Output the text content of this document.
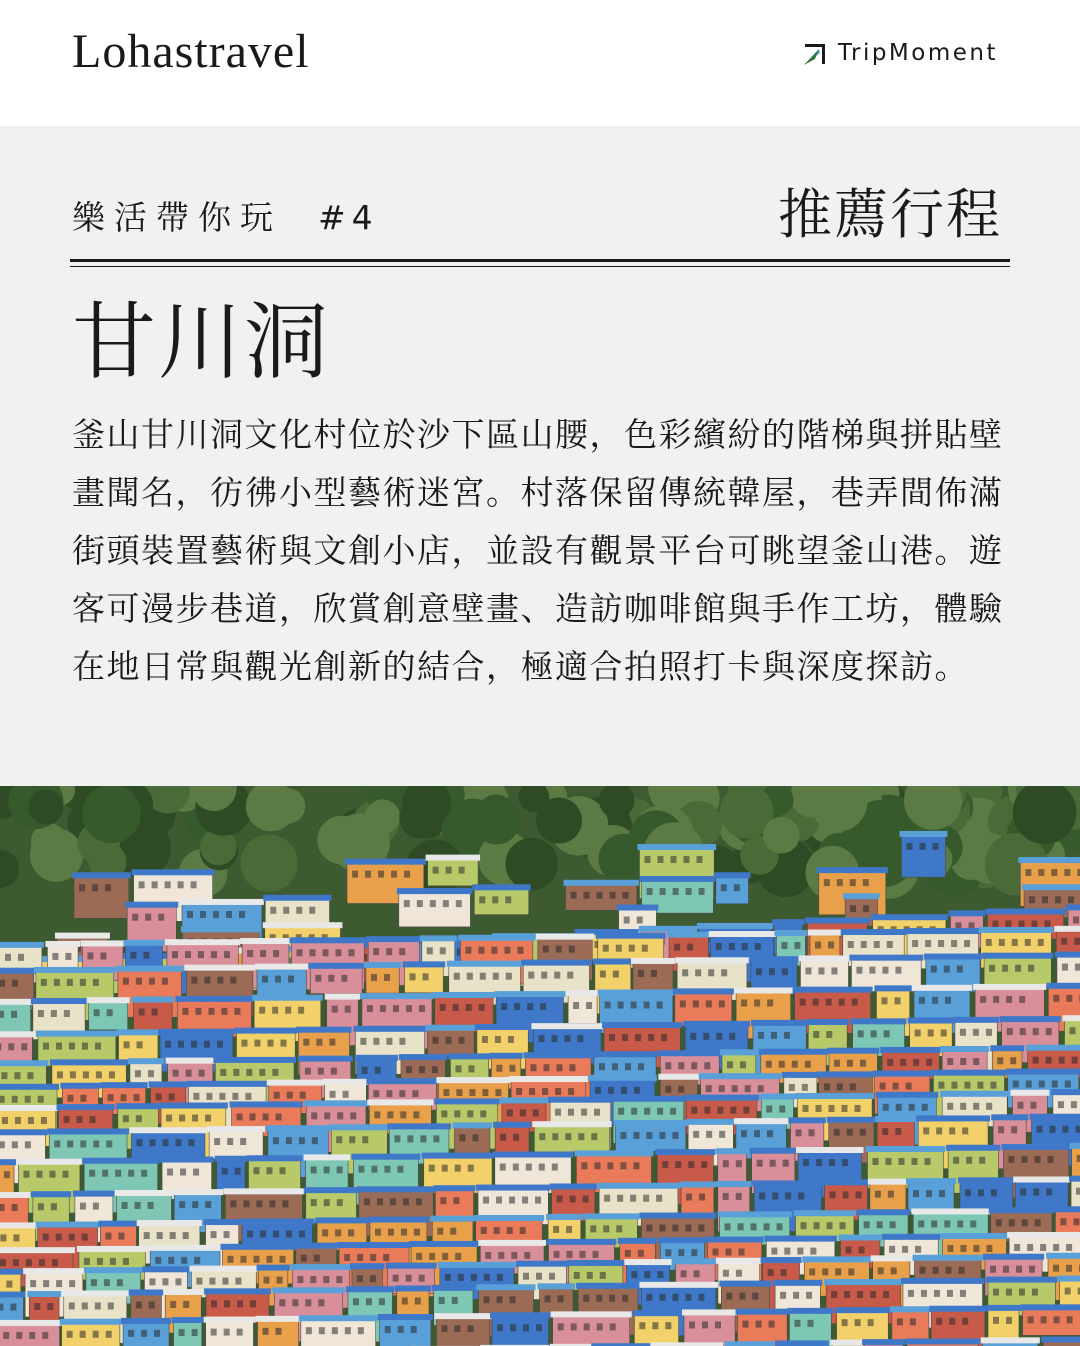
Lohastravel	TripMoment
樂活帶你玩 #4	推薦行程
甘川洞
釜山甘川洞文化村位於沙下區山腰，色彩繽紛的階梯與拼貼壁畫聞名，彷彿小型藝術迷宮。村落保留傳統韓屋，巷弄間佈滿街頭裝置藝術與文創小店，並設有觀景平台可眺望釜山港。遊客可漫步巷道，欣賞創意壁畫、造訪咖啡館與手作工坊，體驗在地日常與觀光創新的結合，極適合拍照打卡與深度探訪。
